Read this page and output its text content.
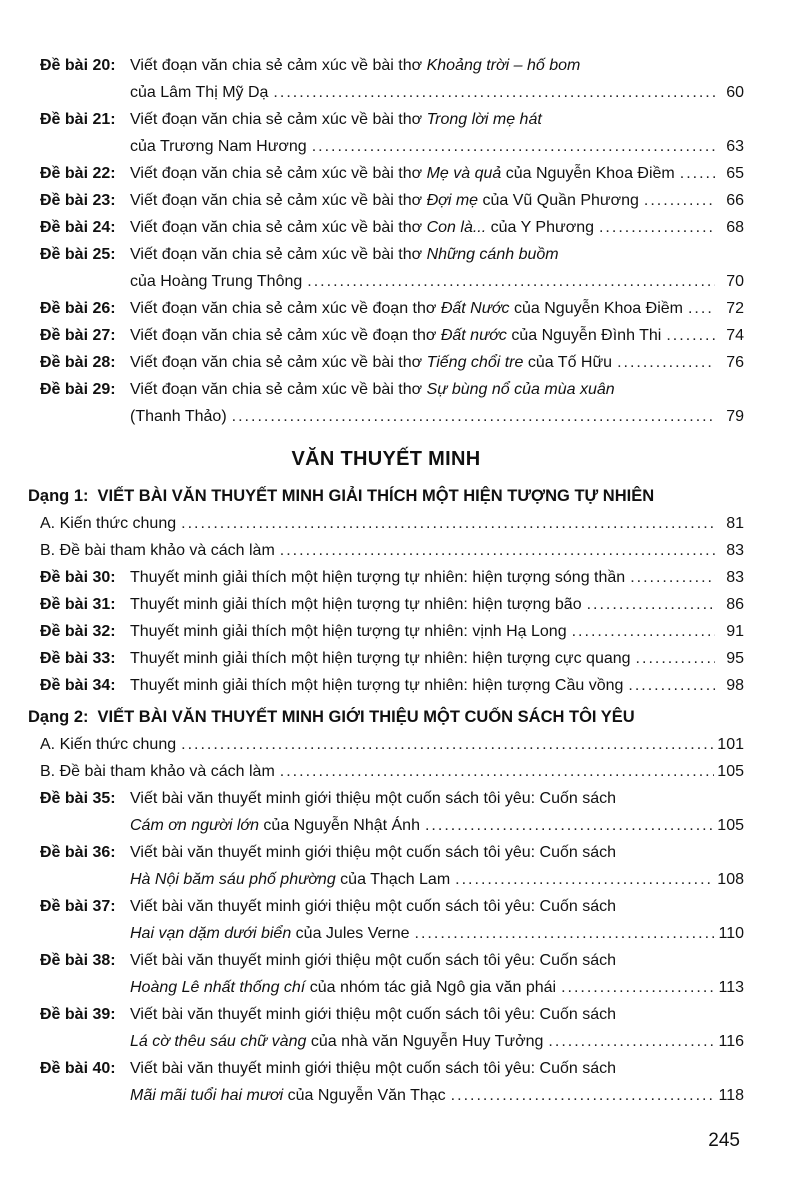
Đề bài 20: Viết đoạn văn chia sẻ cảm xúc về bài thơ Khoảng trời – hố bom
của Lâm Thị Mỹ Dạ .....	60
Đề bài 21: Viết đoạn văn chia sẻ cảm xúc về bài thơ Trong lời mẹ hát
của Trương Nam Hương .....	63
Đề bài 22: Viết đoạn văn chia sẻ cảm xúc về bài thơ Mẹ và quả của Nguyễn Khoa Điềm .....	65
Đề bài 23: Viết đoạn văn chia sẻ cảm xúc về bài thơ Đợi mẹ của Vũ Quần Phương .....	66
Đề bài 24: Viết đoạn văn chia sẻ cảm xúc về bài thơ Con là... của Y Phương .....	68
Đề bài 25: Viết đoạn văn chia sẻ cảm xúc về bài thơ Những cánh buồm
của Hoàng Trung Thông .....	70
Đề bài 26: Viết đoạn văn chia sẻ cảm xúc về đoạn thơ Đất Nước của Nguyễn Khoa Điềm .....	72
Đề bài 27: Viết đoạn văn chia sẻ cảm xúc về đoạn thơ Đất nước của Nguyễn Đình Thi .....	74
Đề bài 28: Viết đoạn văn chia sẻ cảm xúc về bài thơ Tiếng chổi tre của Tố Hữu .....	76
Đề bài 29: Viết đoạn văn chia sẻ cảm xúc về bài thơ Sự bùng nổ của mùa xuân
(Thanh Thảo) .....	79
VĂN THUYẾT MINH
Dạng 1: VIẾT BÀI VĂN THUYẾT MINH GIẢI THÍCH MỘT HIỆN TƯỢNG TỰ NHIÊN
A. Kiến thức chung .....	81
B. Đề bài tham khảo và cách làm .....	83
Đề bài 30: Thuyết minh giải thích một hiện tượng tự nhiên: hiện tượng sóng thần .....	83
Đề bài 31: Thuyết minh giải thích một hiện tượng tự nhiên: hiện tượng bão .....	86
Đề bài 32: Thuyết minh giải thích một hiện tượng tự nhiên: vịnh Hạ Long .....	91
Đề bài 33: Thuyết minh giải thích một hiện tượng tự nhiên: hiện tượng cực quang .....	95
Đề bài 34: Thuyết minh giải thích một hiện tượng tự nhiên: hiện tượng Cầu vồng .....	98
Dạng 2: VIẾT BÀI VĂN THUYẾT MINH GIỚI THIỆU MỘT CUỐN SÁCH TÔI YÊU
A. Kiến thức chung .....	101
B. Đề bài tham khảo và cách làm .....	105
Đề bài 35: Viết bài văn thuyết minh giới thiệu một cuốn sách tôi yêu: Cuốn sách
Cám ơn người lớn của Nguyễn Nhật Ánh .....	105
Đề bài 36: Viết bài văn thuyết minh giới thiệu một cuốn sách tôi yêu: Cuốn sách
Hà Nội băm sáu phố phường của Thạch Lam .....	108
Đề bài 37: Viết bài văn thuyết minh giới thiệu một cuốn sách tôi yêu: Cuốn sách
Hai vạn dặm dưới biển của Jules Verne .....	110
Đề bài 38: Viết bài văn thuyết minh giới thiệu một cuốn sách tôi yêu: Cuốn sách
Hoàng Lê nhất thống chí của nhóm tác giả Ngô gia văn phái .....	113
Đề bài 39: Viết bài văn thuyết minh giới thiệu một cuốn sách tôi yêu: Cuốn sách
Lá cờ thêu sáu chữ vàng của nhà văn Nguyễn Huy Tưởng .....	116
Đề bài 40: Viết bài văn thuyết minh giới thiệu một cuốn sách tôi yêu: Cuốn sách
Mãi mãi tuổi hai mươi của Nguyễn Văn Thạc .....	118
245
